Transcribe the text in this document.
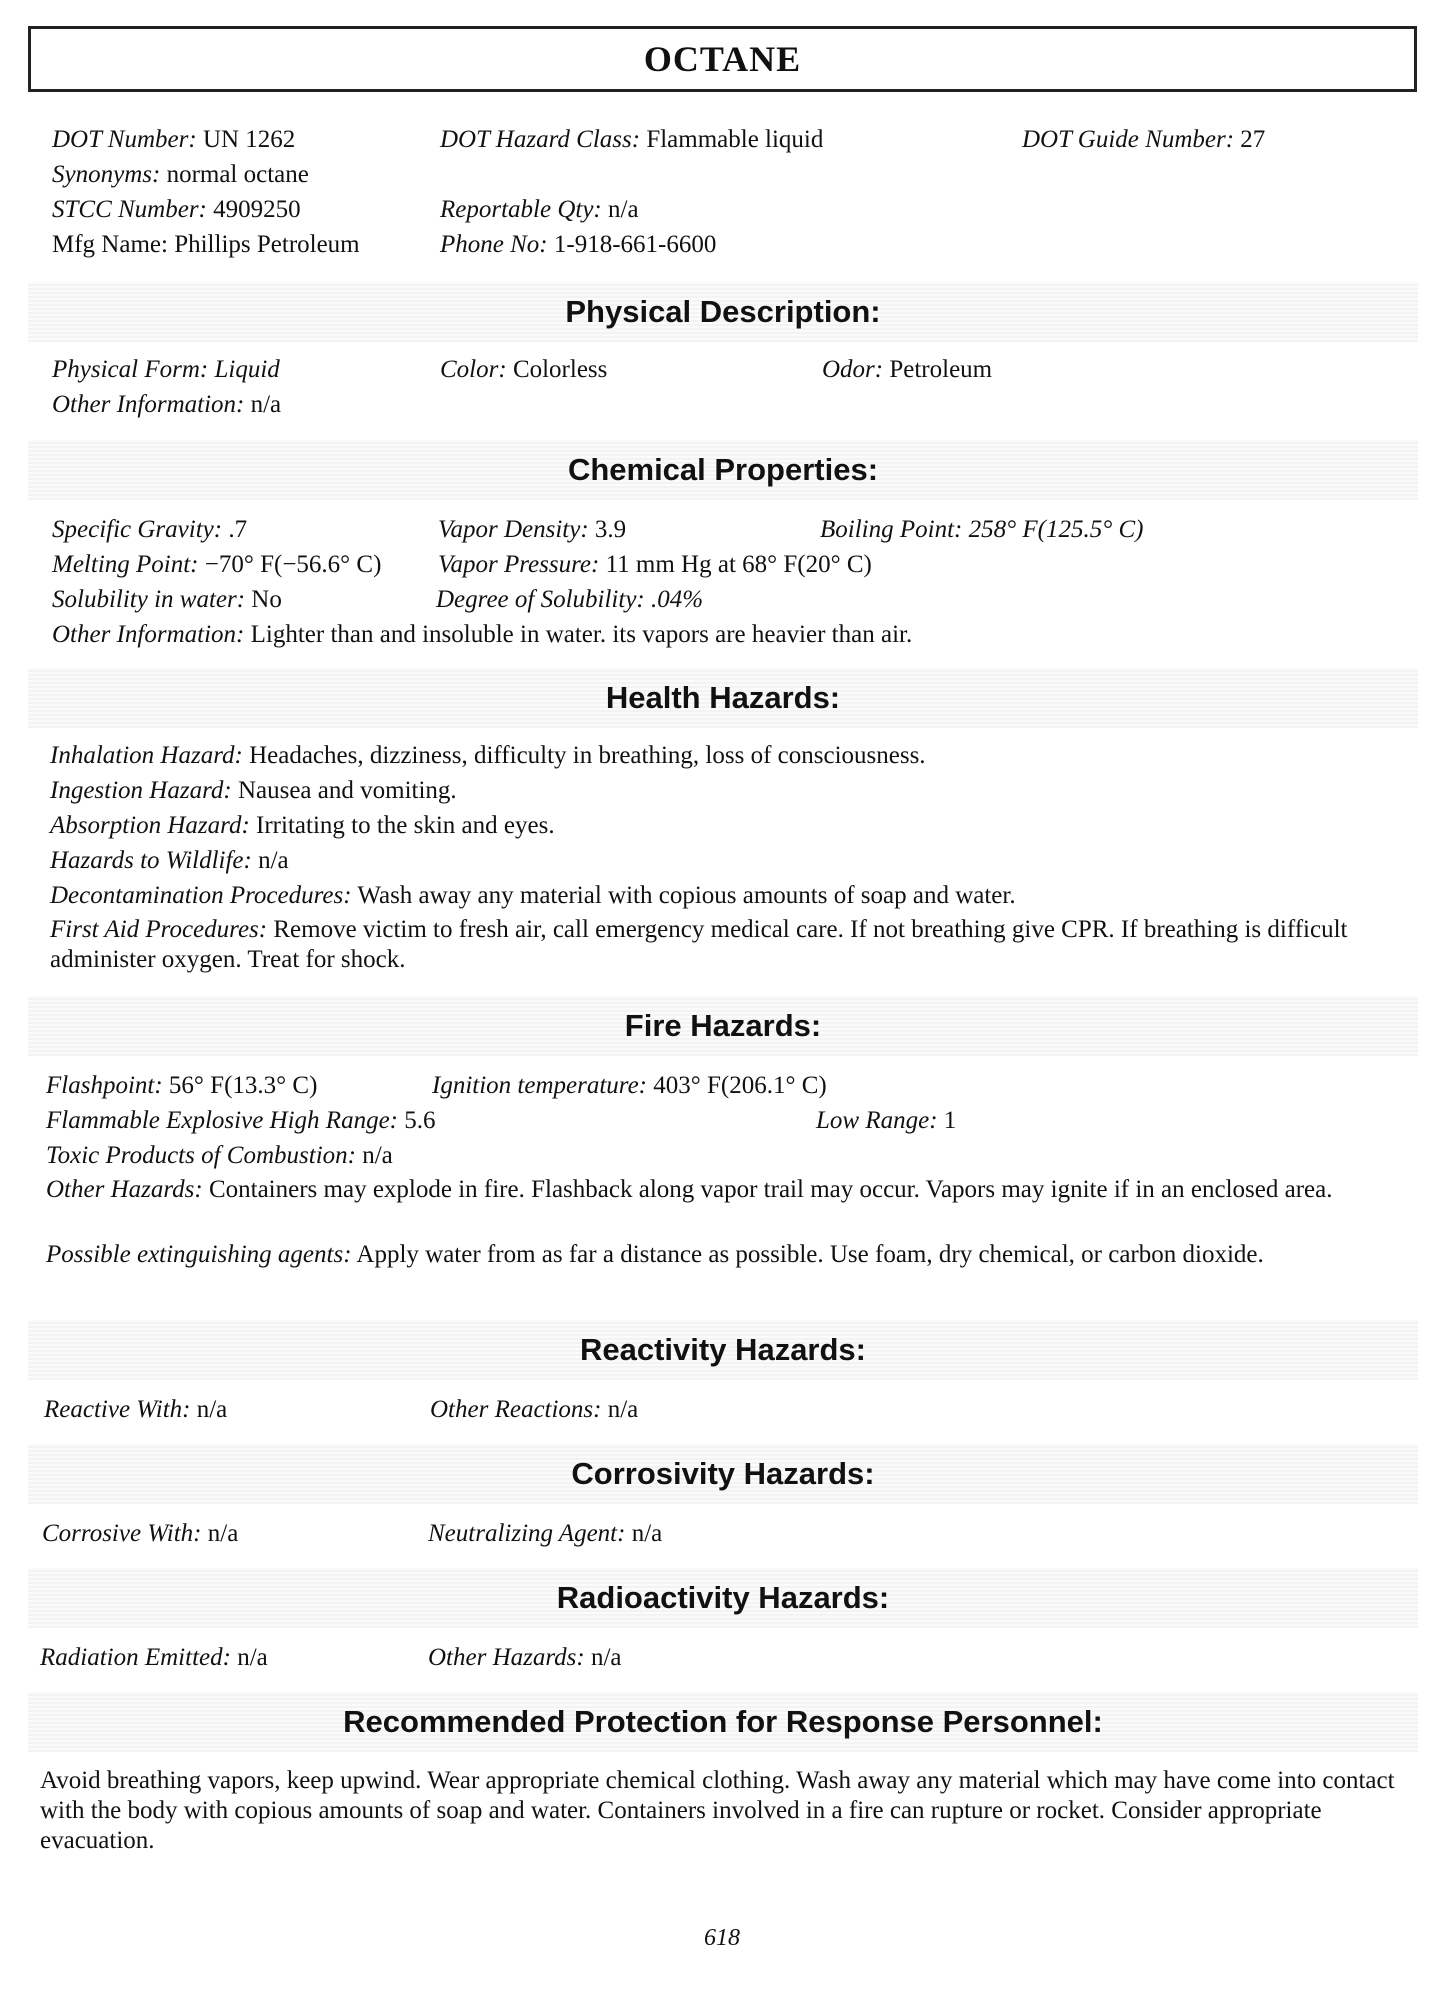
OCTANE
DOT Number: UN 1262	DOT Hazard Class: Flammable liquid	DOT Guide Number: 27
Synonyms: normal octane
STCC Number: 4909250	Reportable Qty: n/a
Mfg Name: Phillips Petroleum	Phone No: 1-918-661-6600
Physical Description:
Physical Form: Liquid	Color: Colorless	Odor: Petroleum
Other Information: n/a
Chemical Properties:
Specific Gravity: .7	Vapor Density: 3.9	Boiling Point: 258° F(125.5° C)
Melting Point: −70° F(−56.6° C) Vapor Pressure: 11 mm Hg at 68° F(20° C)
Solubility in water: No	Degree of Solubility: .04%
Other Information: Lighter than and insoluble in water. its vapors are heavier than air.
Health Hazards:
Inhalation Hazard: Headaches, dizziness, difficulty in breathing, loss of consciousness.
Ingestion Hazard: Nausea and vomiting.
Absorption Hazard: Irritating to the skin and eyes.
Hazards to Wildlife: n/a
Decontamination Procedures: Wash away any material with copious amounts of soap and water.
First Aid Procedures: Remove victim to fresh air, call emergency medical care. If not breathing give CPR. If breathing is difficult administer oxygen. Treat for shock.
Fire Hazards:
Flashpoint: 56° F(13.3° C)	Ignition temperature: 403° F(206.1° C)
Flammable Explosive High Range: 5.6	Low Range: 1
Toxic Products of Combustion: n/a
Other Hazards: Containers may explode in fire. Flashback along vapor trail may occur. Vapors may ignite if in an enclosed area.
Possible extinguishing agents: Apply water from as far a distance as possible. Use foam, dry chemical, or carbon dioxide.
Reactivity Hazards:
Reactive With: n/a	Other Reactions: n/a
Corrosivity Hazards:
Corrosive With: n/a	Neutralizing Agent: n/a
Radioactivity Hazards:
Radiation Emitted: n/a	Other Hazards: n/a
Recommended Protection for Response Personnel:
Avoid breathing vapors, keep upwind. Wear appropriate chemical clothing. Wash away any material which may have come into contact with the body with copious amounts of soap and water. Containers involved in a fire can rupture or rocket. Consider appropriate evacuation.
618
